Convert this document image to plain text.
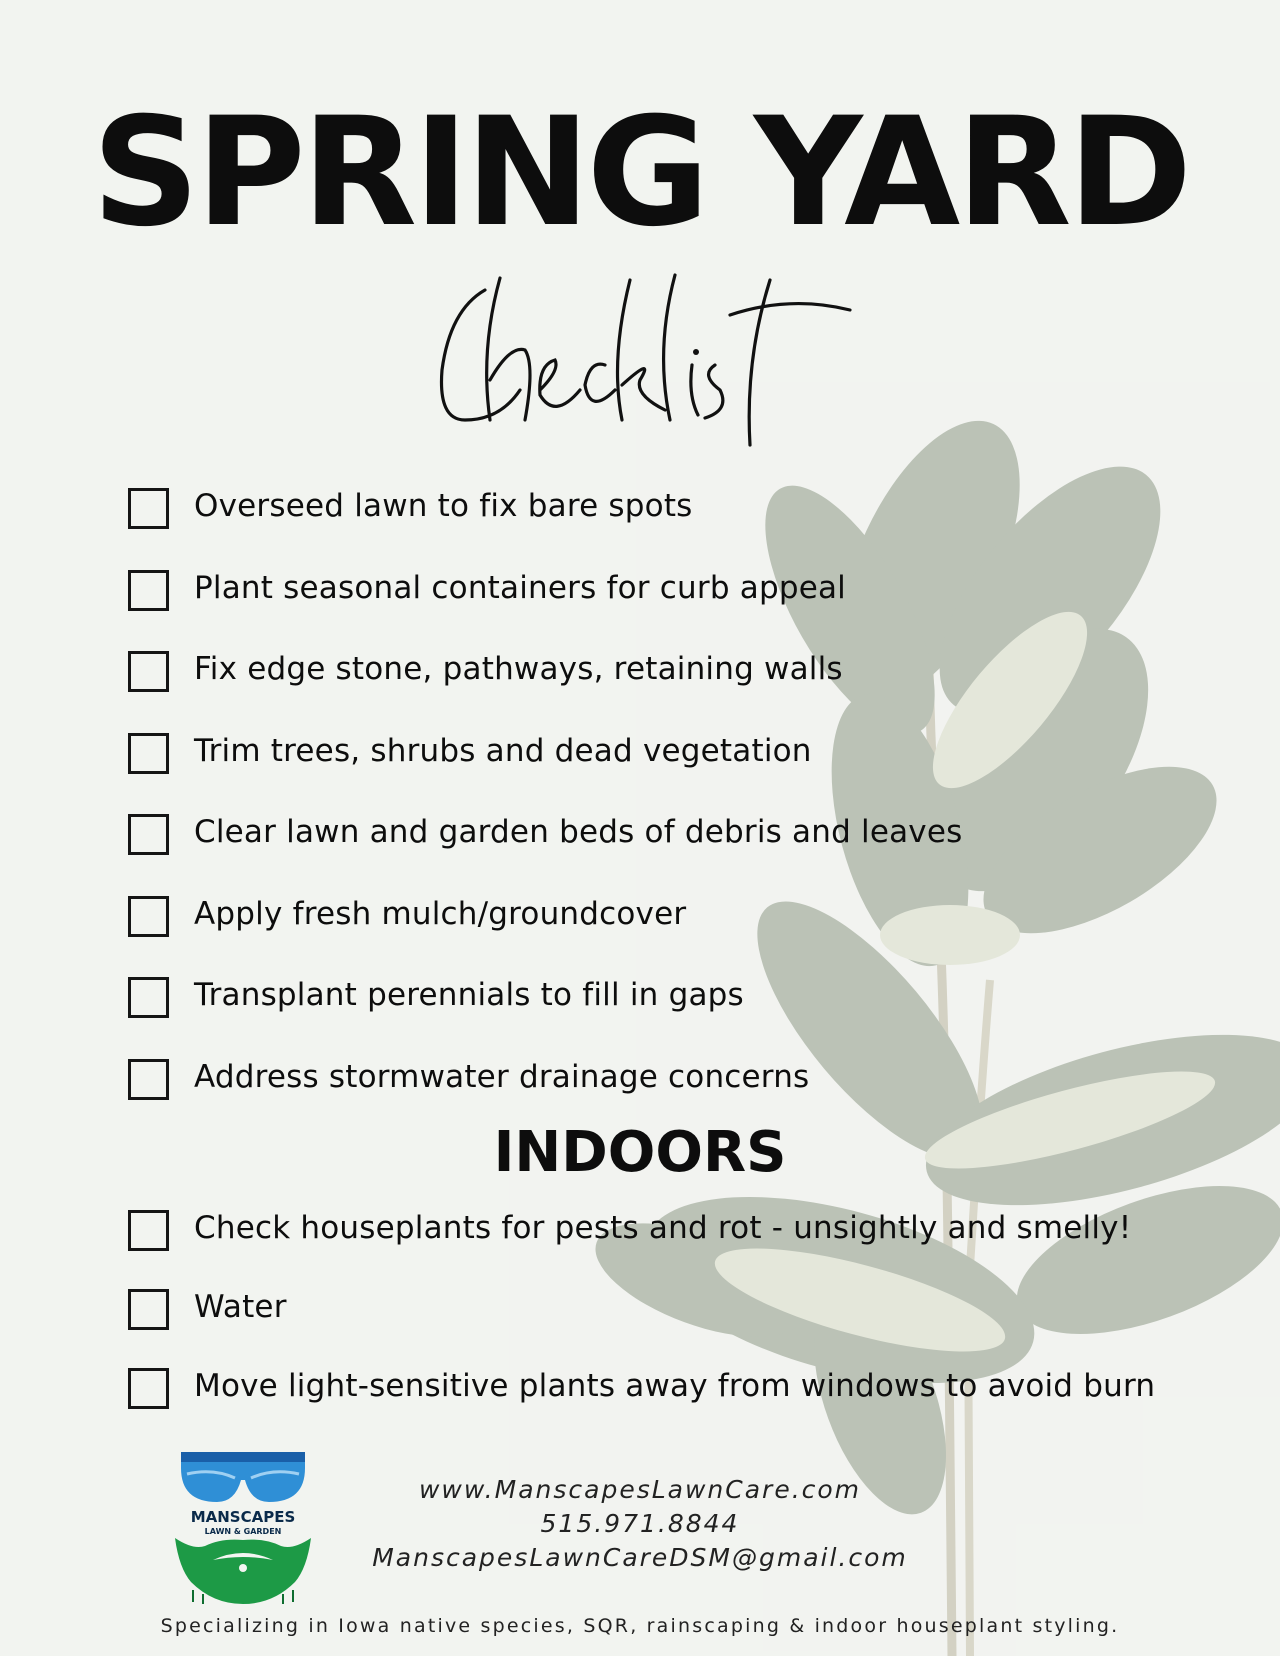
SPRING YARD
Checklist
Overseed lawn to fix bare spots
Plant seasonal containers for curb appeal
Fix edge stone, pathways, retaining walls
Trim trees, shrubs and dead vegetation
Clear lawn and garden beds of debris and leaves
Apply fresh mulch/groundcover
Transplant perennials to fill in gaps
Address stormwater drainage concerns
INDOORS
Check houseplants for pests and rot - unsightly and smelly!
Water
Move light-sensitive plants away from windows to avoid burn
MANSCAPES
LAWN & GARDEN
www.ManscapesLawnCare.com
515.971.8844
ManscapesLawnCareDSM@gmail.com
Specializing in Iowa native species, SQR, rainscaping & indoor houseplant styling.
